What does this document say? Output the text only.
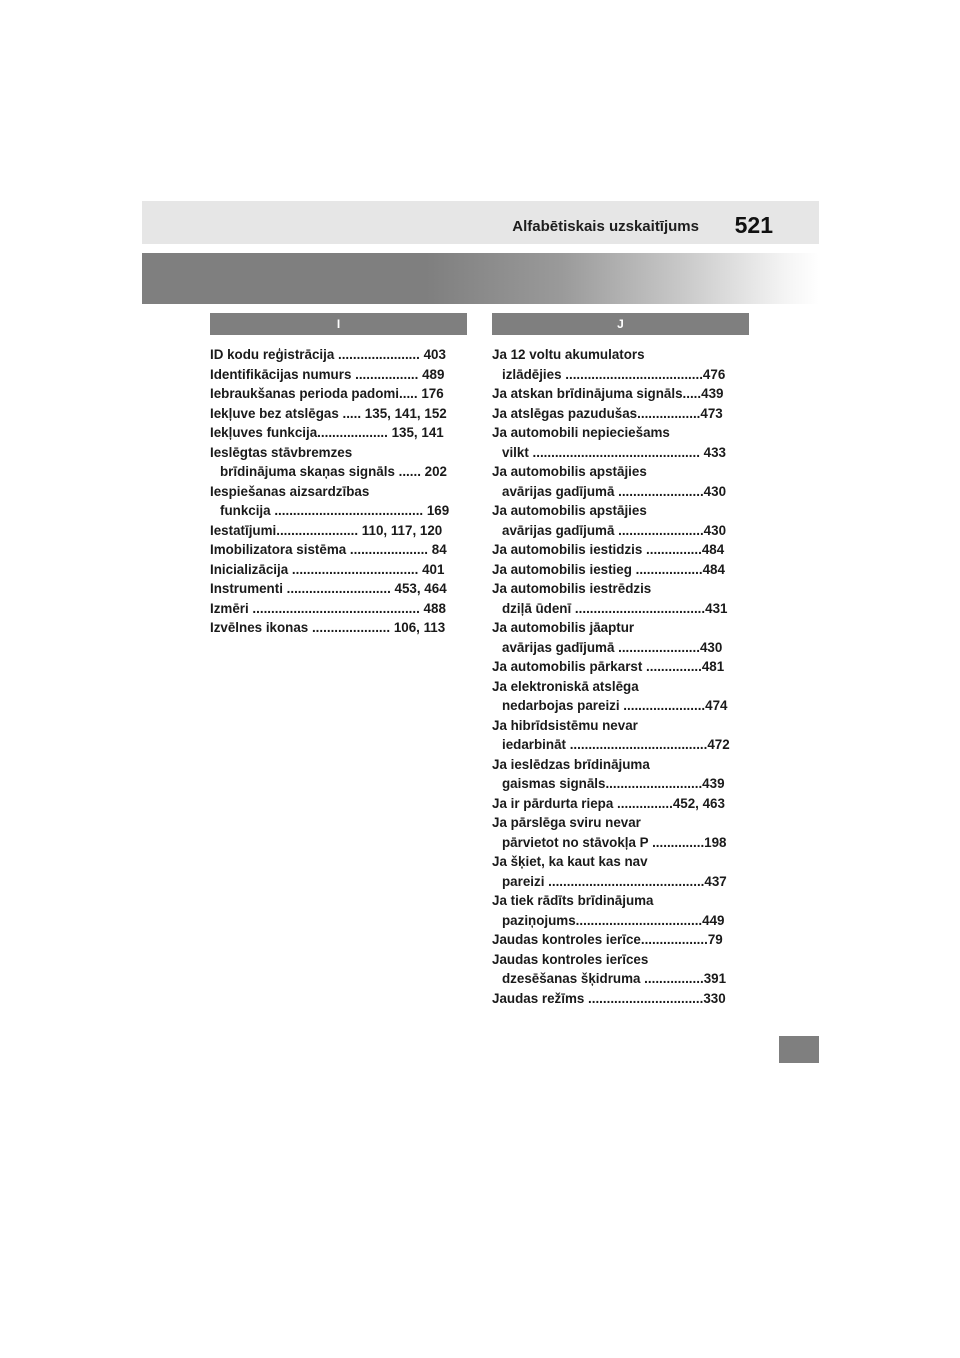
Alfabētiskais uzskaitījums 521
I
ID kodu reģistrācija ...................... 403
Identifikācijas numurs ................. 489
Iebraukšanas perioda padomi..... 176
Iekļuve bez atslēgas ..... 135, 141, 152
Iekļuves funkcija................... 135, 141
Ieslēgtas stāvbremzes
brīdinājuma skaņas signāls ...... 202
Iespiešanas aizsardzības
funkcija ........................................ 169
Iestatījumi...................... 110, 117, 120
Imobilizatora sistēma ..................... 84
Inicializācija .................................. 401
Instrumenti ............................ 453, 464
Izmēri ............................................. 488
Izvēlnes ikonas ..................... 106, 113
J
Ja 12 voltu akumulators
izlādējies .....................................476
Ja atskan brīdinājuma signāls.....439
Ja atslēgas pazudušas.................473
Ja automobili nepieciešams
vilkt ............................................. 433
Ja automobilis apstājies
avārijas gadījumā .......................430
Ja automobilis apstājies
avārijas gadījumā .......................430
Ja automobilis iestidzis ...............484
Ja automobilis iestieg ..................484
Ja automobilis iestrēdzis
dziļā ūdenī ...................................431
Ja automobilis jāaptur
avārijas gadījumā ......................430
Ja automobilis pārkarst ...............481
Ja elektroniskā atslēga
nedarbojas pareizi ......................474
Ja hibrīdsistēmu nevar
iedarbināt .....................................472
Ja ieslēdzas brīdinājuma
gaismas signāls..........................439
Ja ir pārdurta riepa ...............452, 463
Ja pārslēga sviru nevar
pārvietot no stāvokļa P ..............198
Ja šķiet, ka kaut kas nav
pareizi ..........................................437
Ja tiek rādīts brīdinājuma
paziņojums..................................449
Jaudas kontroles ierīce..................79
Jaudas kontroles ierīces
dzesēšanas šķidruma ................391
Jaudas režīms ...............................330
